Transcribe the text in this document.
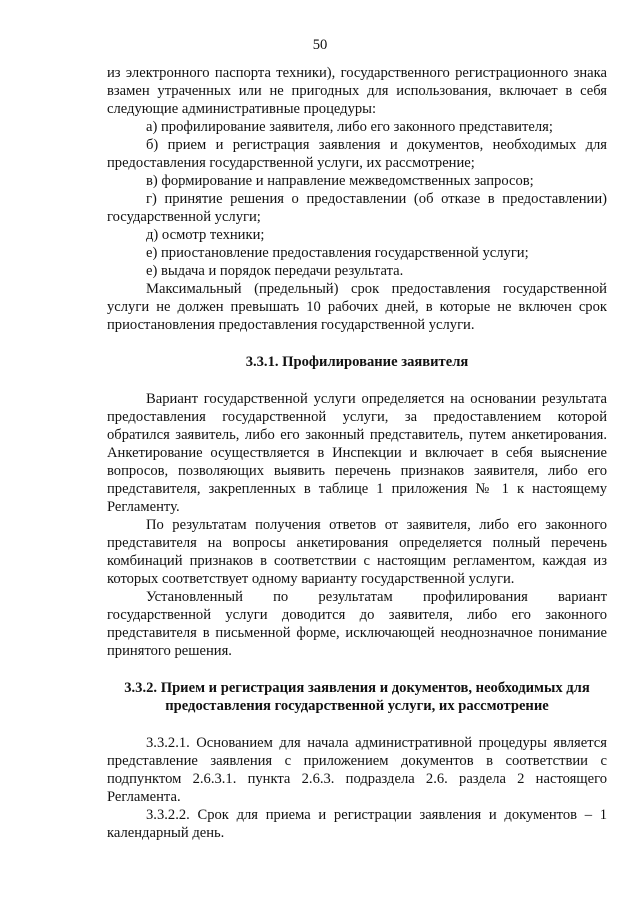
50

из электронного паспорта техники), государственного регистрационного знака взамен утраченных или не пригодных для использования, включает в себя следующие административные процедуры:

а) профилирование заявителя, либо его законного представителя;

б) прием и регистрация заявления и документов, необходимых для предоставления государственной услуги, их рассмотрение;

в) формирование и направление межведомственных запросов;

г) принятие решения о предоставлении (об отказе в предоставлении) государственной услуги;

д) осмотр техники;

е) приостановление предоставления государственной услуги;

е) выдача и порядок передачи результата.

Максимальный (предельный) срок предоставления государственной услуги не должен превышать 10 рабочих дней, в которые не включен срок приостановления предоставления государственной услуги.

3.3.1. Профилирование заявителя

Вариант государственной услуги определяется на основании результата предоставления государственной услуги, за предоставлением которой обратился заявитель, либо его законный представитель, путем анкетирования. Анкетирование осуществляется в Инспекции и включает в себя выяснение вопросов, позволяющих выявить перечень признаков заявителя, либо его представителя, закрепленных в таблице 1 приложения № 1 к настоящему Регламенту.

По результатам получения ответов от заявителя, либо его законного представителя на вопросы анкетирования определяется полный перечень комбинаций признаков в соответствии с настоящим регламентом, каждая из которых соответствует одному варианту государственной услуги.

Установленный по результатам профилирования вариант государственной услуги доводится до заявителя, либо его законного представителя в письменной форме, исключающей неоднозначное понимание принятого решения.

3.3.2. Прием и регистрация заявления и документов, необходимых для
предоставления государственной услуги, их рассмотрение

3.3.2.1. Основанием для начала административной процедуры является представление заявления с приложением документов в соответствии с подпунктом 2.6.3.1. пункта 2.6.3. подраздела 2.6. раздела 2 настоящего Регламента.

3.3.2.2. Срок для приема и регистрации заявления и документов – 1 календарный день.
